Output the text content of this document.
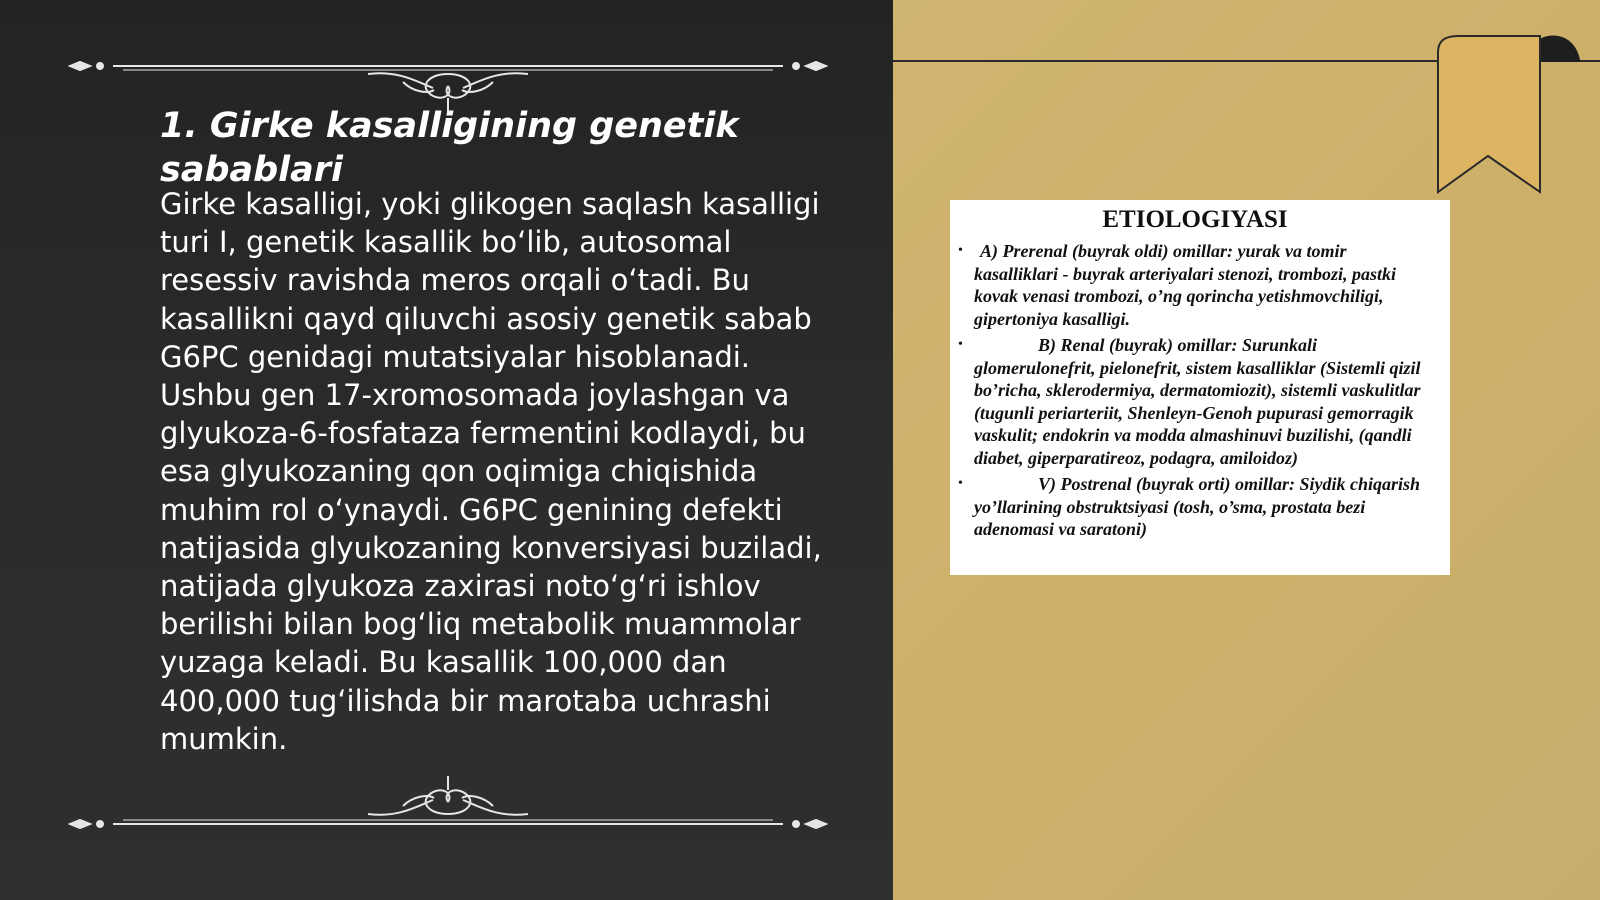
1. Girke kasalligining genetik sabablari

Girke kasalligi, yoki glikogen saqlash kasalligi turi I, genetik kasallik bo‘lib, autosomal resessiv ravishda meros orqali o‘tadi. Bu kasallikni qayd qiluvchi asosiy genetik sabab G6PC genidagi mutatsiyalar hisoblanadi. Ushbu gen 17-xromosomada joylashgan va glyukoza-6-fosfataza fermentini kodlaydi, bu esa glyukozaning qon oqimiga chiqishida muhim rol o‘ynaydi. G6PC genining defekti natijasida glyukozaning konversiyasi buziladi, natijada glyukoza zaxirasi noto‘g‘ri ishlov berilishi bilan bog‘liq metabolik muammolar yuzaga keladi. Bu kasallik 100,000 dan 400,000 tug‘ilishda bir marotaba uchrashi mumkin.

ETIOLOGIYASI
• A) Prerenal (buyrak oldi) omillar: yurak va tomir kasalliklari - buyrak arteriyalari stenozi, trombozi, pastki kovak venasi trombozi, o’ng qorincha yetishmovchiligi, gipertoniya kasalligi.
•	B) Renal (buyrak) omillar: Surunkali glomerulonefrit, pielonefrit, sistem kasalliklar (Sistemli qizil bo’richa, sklerodermiya, dermatomiozit), sistemli vaskulitlar (tugunli periarteriit, Shenleyn-Genoh pupurasi gemorragik vaskulit; endokrin va modda almashinuvi buzilishi, (qandli diabet, giperparatireoz, podagra, amiloidoz)
•	V) Postrenal (buyrak orti) omillar: Siydik chiqarish yo’llarining obstruktsiyasi (tosh, o’sma, prostata bezi adenomasi va saratoni)
